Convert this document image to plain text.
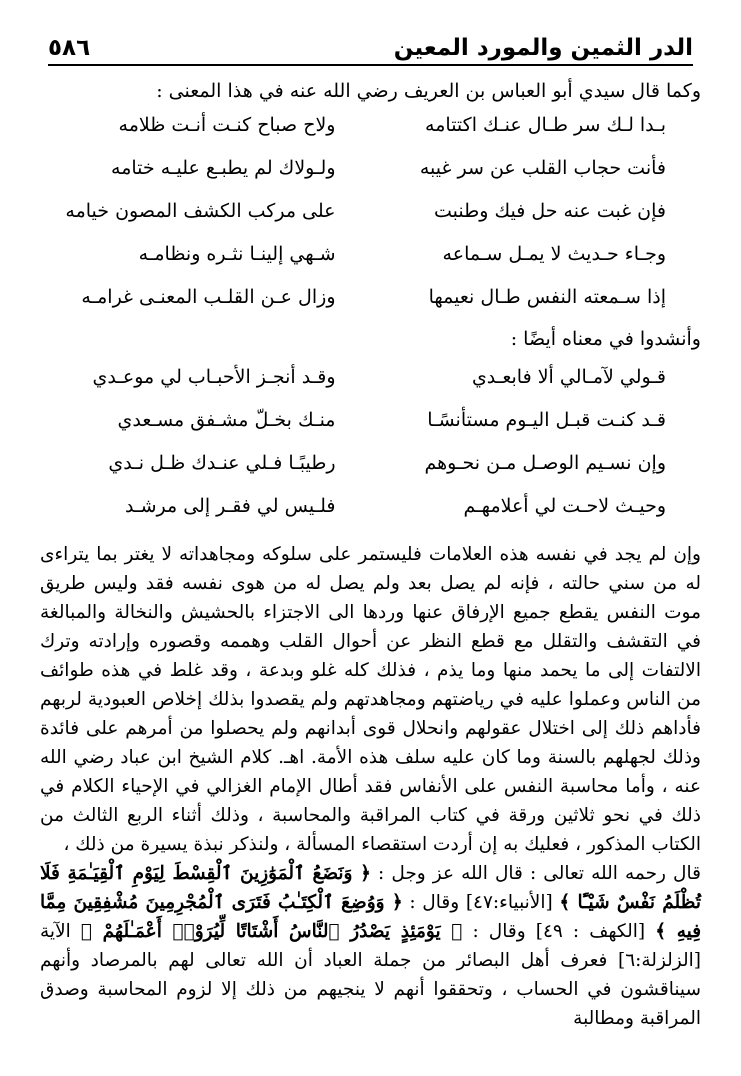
الدر الثمين والمورد المعين
٥٨٦
وكما قال سيدي أبو العباس بن العريف رضي الله عنه في هذا المعنى :
بـدا لـك سر طـال عنـك اكتتامه
ولاح صباح كنـت أنـت ظلامه
فأنت حجاب القلب عن سر غيبه
ولـولاك لم يطبـع عليـه ختامه
فإن غبت عنه حل فيك وطنبت
على مركب الكشف المصون خيامه
وجـاء حـديث لا يمـل سـماعه
شـهي إلينـا نثـره ونظامـه
إذا سـمعته النفس طـال نعيمها
وزال عـن القلـب المعنـى غرامـه
وأنشدوا في معناه أيضًا :
قـولي لآمـالي ألا فابعـدي
وقـد أنجـز الأحبـاب لي موعـدي
قـد كنـت قبـل اليـوم مستأنسًـا
منـك بخـلّ مشـفق مسـعدي
وإن نسـيم الوصـل مـن نحـوهم
رطيبًـا فـلي عنـدك ظـل نـدي
وحيـث لاحـت لي أعلامهـم
فلـيس لي فقـر إلى مرشـد

وإن لم يجد في نفسه هذه العلامات فليستمر على سلوكه ومجاهداته لا يغتر بما يتراءى له من سني حالته ، فإنه لم يصل بعد ولم يصل له من هوى نفسه فقد وليس طريق موت النفس يقطع جميع الإرفاق عنها وردها الى الاجتزاء بالحشيش والنخالة والمبالغة في التقشف والتقلل مع قطع النظر عن أحوال القلب وهممه وقصوره وإرادته وترك الالتفات إلى ما يحمد منها وما يذم ، فذلك كله غلو وبدعة ، وقد غلط في هذه طوائف من الناس وعملوا عليه في رياضتهم ومجاهدتهم ولم يقصدوا بذلك إخلاص العبودية لربهم فأداهم ذلك إلى اختلال عقولهم وانحلال قوى أبدانهم ولم يحصلوا من أمرهم على فائدة وذلك لجهلهم بالسنة وما كان عليه سلف هذه الأمة. اهـ. كلام الشيخ ابن عباد رضي الله عنه ، وأما محاسبة النفس على الأنفاس فقد أطال الإمام الغزالي في الإحياء الكلام في ذلك في نحو ثلاثين ورقة في كتاب المراقبة والمحاسبة ، وذلك أثناء الربع الثالث من الكتاب المذكور ، فعليك به إن أردت استقصاء المسألة ، ولنذكر نبذة يسيرة من ذلك ،

قال رحمه الله تعالى : قال الله عز وجل : ﴿ وَنَضَعُ ٱلْمَوَٰزِينَ ٱلْقِسْطَ لِيَوْمِ ٱلْقِيَـٰمَةِ فَلَا تُظْلَمُ نَفْسٌ شَيْـًٔا ﴾ [الأنبياء:٤٧] وقال : ﴿ وَوُضِعَ ٱلْكِتَـٰبُ فَتَرَى ٱلْمُجْرِمِينَ مُشْفِقِينَ مِمَّا فِيهِ ﴾ [الكهف : ٤٩] وقال : ﴿ يَوْمَئِذٍ يَصْدُرُ ٱلنَّاسُ أَشْتَاتًا لِّيُرَوْا۟ أَعْمَـٰلَهُمْ ﴾ الآية [الزلزلة:٦] فعرف أهل البصائر من جملة العباد أن الله تعالى لهم بالمرصاد وأنهم سيناقشون في الحساب ، وتحققوا أنهم لا ينجيهم من ذلك إلا لزوم المحاسبة وصدق المراقبة ومطالبة
